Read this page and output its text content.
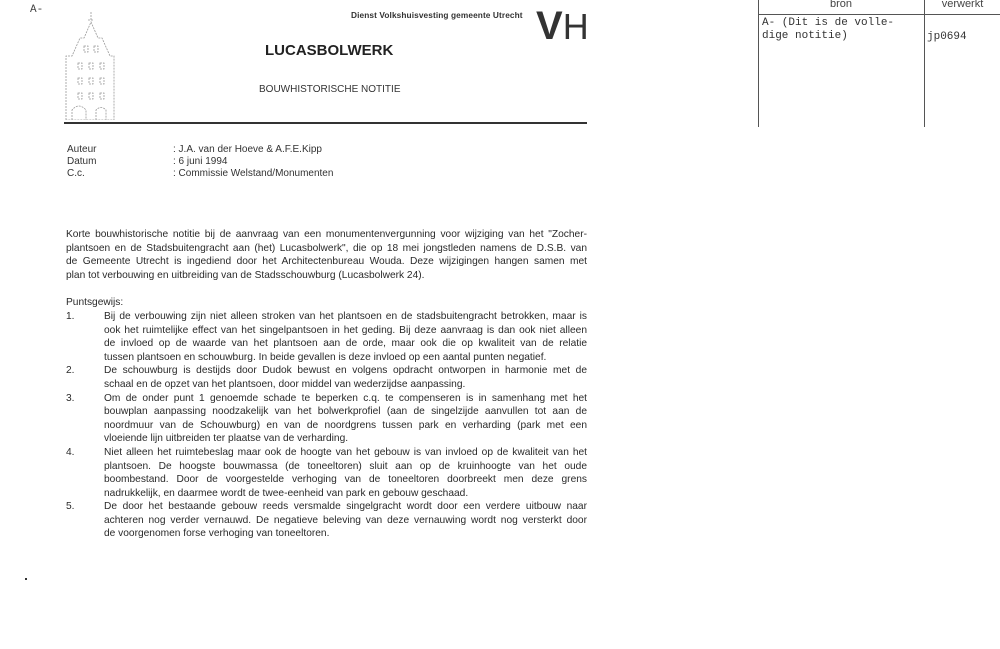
A-	Dienst Volkshuisvesting gemeente Utrecht VH
LUCASBOLWERK
BOUWHISTORISCHE NOTITIE
Auteur	: J.A. van der Hoeve & A.F.E.Kipp
Datum	: 6 juni 1994
C.c.	: Commissie Welstand/Monumenten
Korte bouwhistorische notitie bij de aanvraag van een monumentenvergunning voor wijziging van het "Zocher-
plantsoen en de Stadsbuitengracht aan (het) Lucasbolwerk", die op 18 mei jongstleden namens de D.S.B. van
de Gemeente Utrecht is ingediend door het Architectenbureau Wouda. Deze wijzigingen hangen samen met
plan tot verbouwing en uitbreiding van de Stadsschouwburg (Lucasbolwerk 24).
Puntsgewijs:
1.	Bij de verbouwing zijn niet alleen stroken van het plantsoen en de stadsbuitengracht betrokken, maar is
ook het ruimtelijke effect van het singelpantsoen in het geding. Bij deze aanvraag is dan ook niet alleen
de invloed op de waarde van het plantsoen aan de orde, maar ook die op kwaliteit van de relatie
tussen plantsoen en schouwburg. In beide gevallen is deze invloed op een aantal punten negatief.
2.	De schouwburg is destijds door Dudok bewust en volgens opdracht ontworpen in harmonie met de
schaal en de opzet van het plantsoen, door middel van wederzijdse aanpassing.
3.	Om de onder punt 1 genoemde schade te beperken c.q. te compenseren is in samenhang met het
bouwplan aanpassing noodzakelijk van het bolwerkprofiel (aan de singelzijde aanvullen tot aan de
noordmuur van de Schouwburg) en van de noordgrens tussen park en verharding (park met een
vloeiende lijn uitbreiden ter plaatse van de verharding.
4.	Niet alleen het ruimtebeslag maar ook de hoogte van het gebouw is van invloed op de kwaliteit van het
plantsoen. De hoogste bouwmassa (de toneeltoren) sluit aan op de kruinhoogte van het oude
boombestand. Door de voorgestelde verhoging van de toneeltoren doorbreekt men deze grens
nadrukkelijk, en daarmee wordt de twee-eenheid van park en gebouw geschaad.
5.	De door het bestaande gebouw reeds versmalde singelgracht wordt door een verdere uitbouw naar
achteren nog verder vernauwd. De negatieve beleving van deze vernauwing wordt nog versterkt door
de voorgenomen forse verhoging van toneeltoren.
bron	verwerkt
A- (Dit is de volle-
dige notitie)	jp0694
